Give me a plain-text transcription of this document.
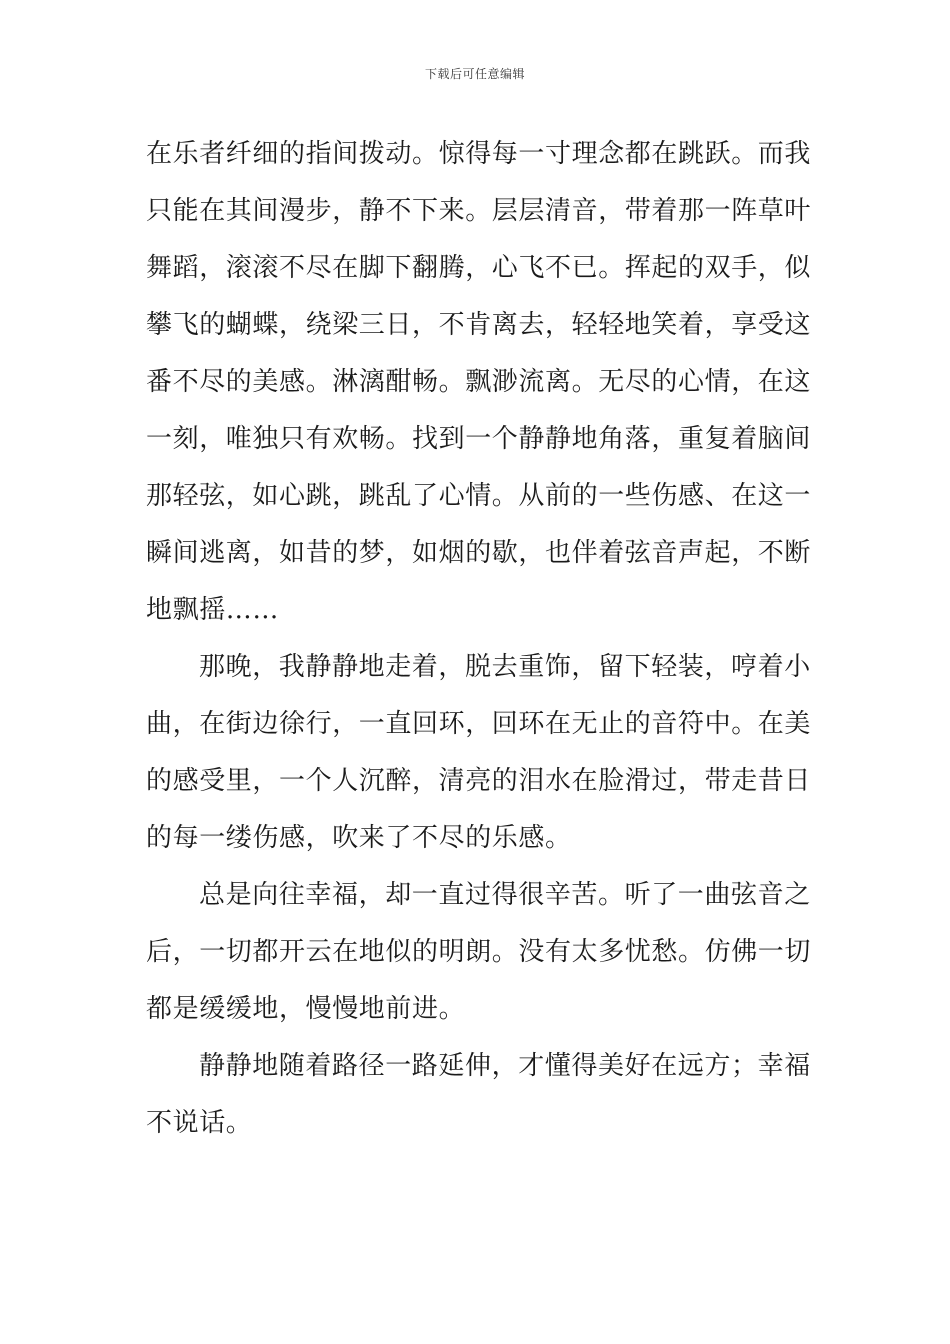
下载后可任意编辑
在乐者纤细的指间拨动。惊得每一寸理念都在跳跃。而我
只能在其间漫步，静不下来。层层清音，带着那一阵草叶
舞蹈，滚滚不尽在脚下翻腾，心飞不已。挥起的双手，似
攀飞的蝴蝶，绕梁三日，不肯离去，轻轻地笑着，享受这
番不尽的美感。淋漓酣畅。飘渺流离。无尽的心情，在这
一刻，唯独只有欢畅。找到一个静静地角落，重复着脑间
那轻弦，如心跳，跳乱了心情。从前的一些伤感、在这一
瞬间逃离，如昔的梦，如烟的歇，也伴着弦音声起，不断
地飘摇……
那晚，我静静地走着，脱去重饰，留下轻装，哼着小
曲，在街边徐行，一直回环，回环在无止的音符中。在美
的感受里，一个人沉醉，清亮的泪水在脸滑过，带走昔日
的每一缕伤感，吹来了不尽的乐感。
总是向往幸福，却一直过得很辛苦。听了一曲弦音之
后，一切都开云在地似的明朗。没有太多忧愁。仿佛一切
都是缓缓地，慢慢地前进。
静静地随着路径一路延伸，才懂得美好在远方；幸福
不说话。
